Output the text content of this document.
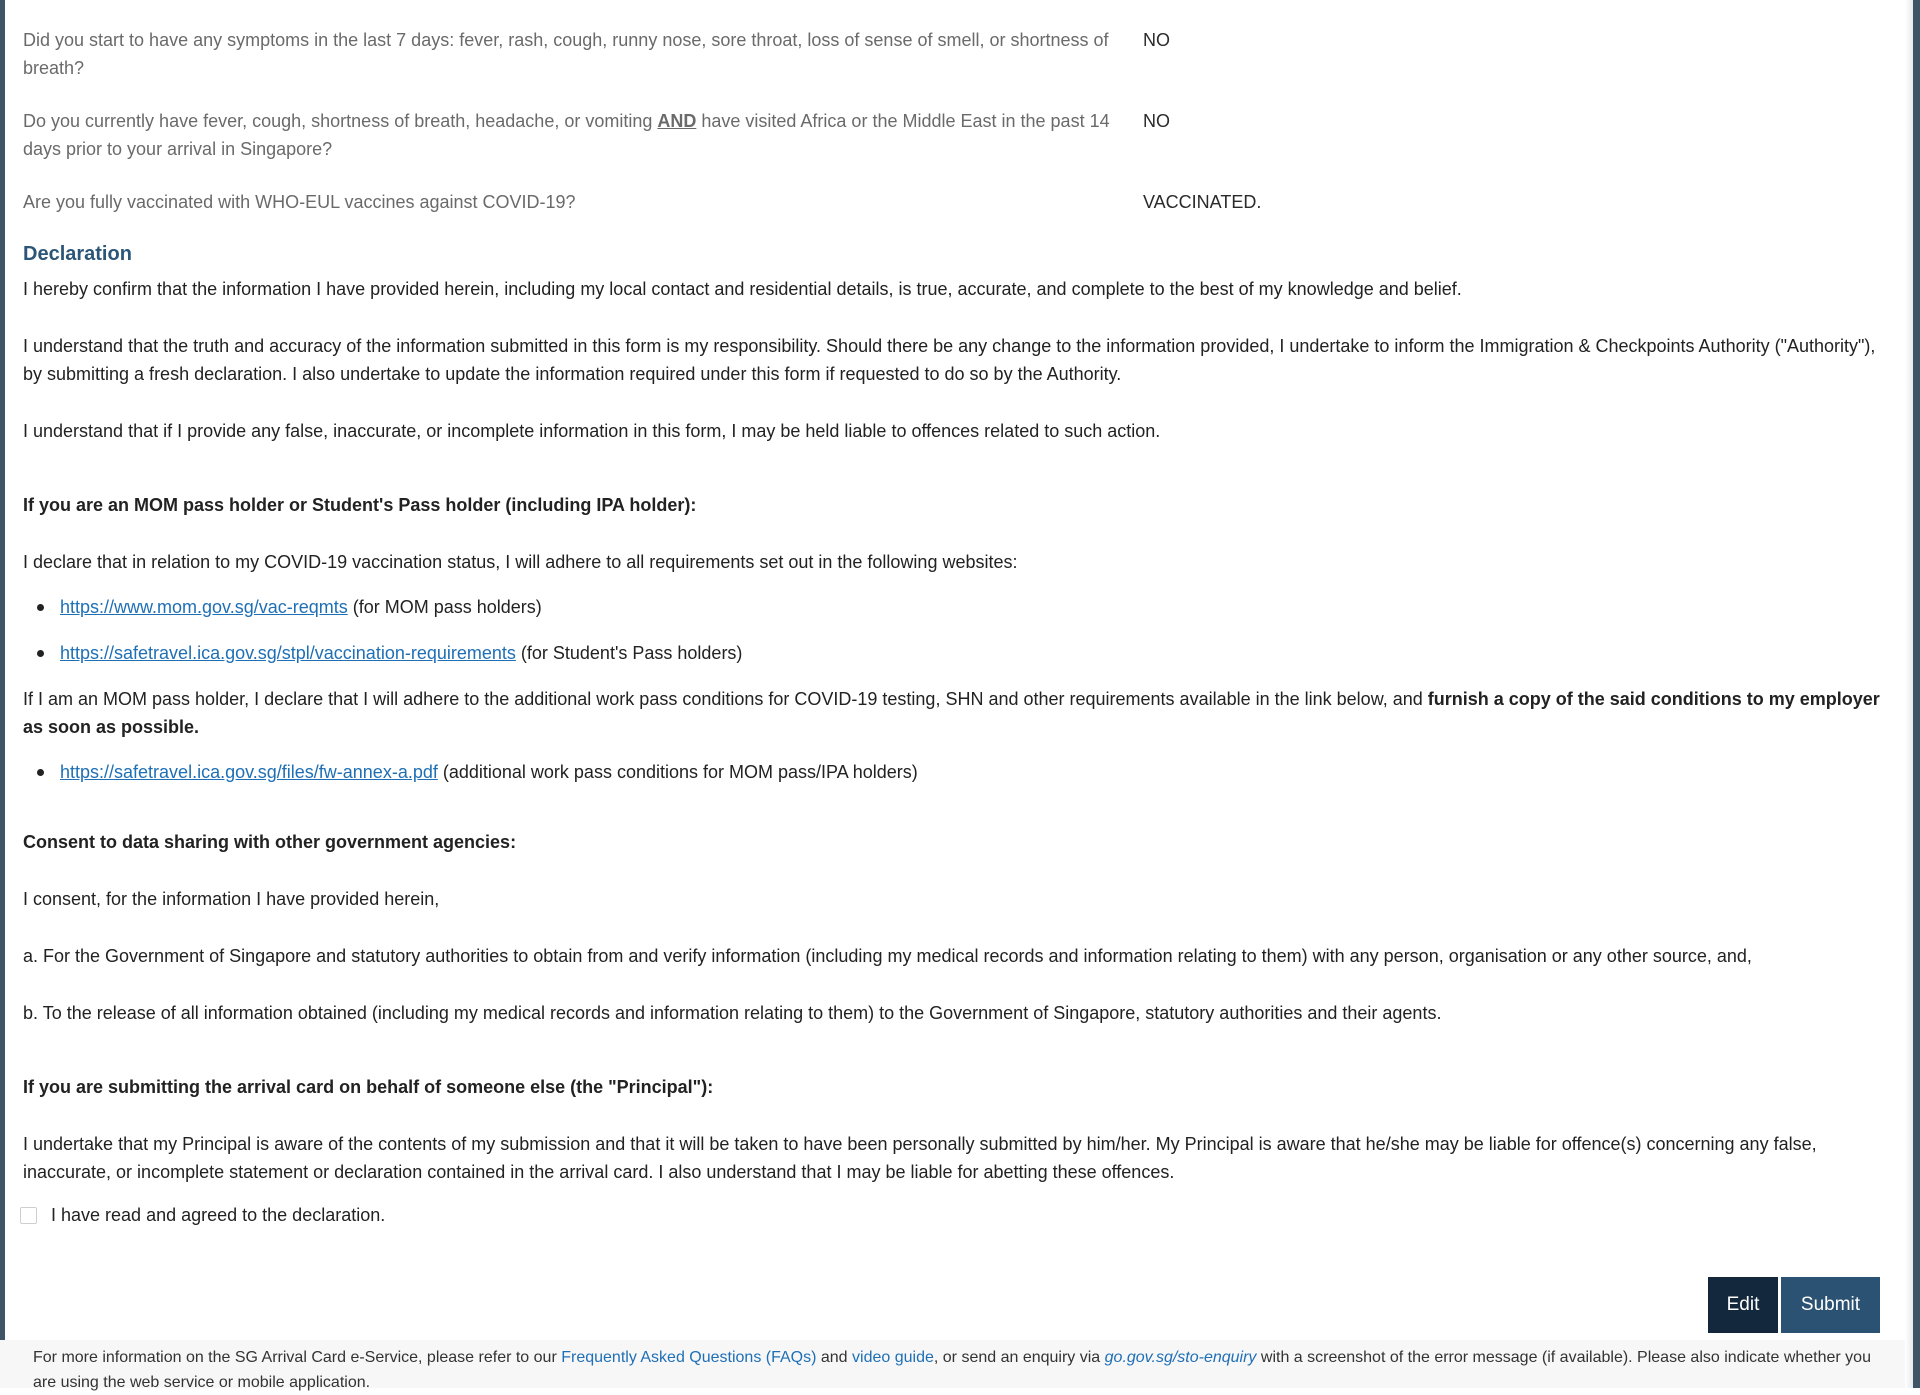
Did you start to have any symptoms in the last 7 days: fever, rash, cough, runny nose, sore throat, loss of sense of smell, or shortness of breath?
NO
Do you currently have fever, cough, shortness of breath, headache, or vomiting AND have visited Africa or the Middle East in the past 14 days prior to your arrival in Singapore?
NO
Are you fully vaccinated with WHO-EUL vaccines against COVID-19?	VACCINATED.
Declaration

I hereby confirm that the information I have provided herein, including my local contact and residential details, is true, accurate, and complete to the best of my knowledge and belief.

I understand that the truth and accuracy of the information submitted in this form is my responsibility. Should there be any change to the information provided, I undertake to inform the Immigration & Checkpoints Authority ("Authority"), by submitting a fresh declaration. I also undertake to update the information required under this form if requested to do so by the Authority.

I understand that if I provide any false, inaccurate, or incomplete information in this form, I may be held liable to offences related to such action.

If you are an MOM pass holder or Student's Pass holder (including IPA holder):

I declare that in relation to my COVID-19 vaccination status, I will adhere to all requirements set out in the following websites:

https://www.mom.gov.sg/vac-reqmts (for MOM pass holders)
https://safetravel.ica.gov.sg/stpl/vaccination-requirements (for Student's Pass holders)

If I am an MOM pass holder, I declare that I will adhere to the additional work pass conditions for COVID-19 testing, SHN and other requirements available in the link below, and furnish a copy of the said conditions to my employer as soon as possible.

https://safetravel.ica.gov.sg/files/fw-annex-a.pdf (additional work pass conditions for MOM pass/IPA holders)

Consent to data sharing with other government agencies:

I consent, for the information I have provided herein,

a. For the Government of Singapore and statutory authorities to obtain from and verify information (including my medical records and information relating to them) with any person, organisation or any other source, and,

b. To the release of all information obtained (including my medical records and information relating to them) to the Government of Singapore, statutory authorities and their agents.

If you are submitting the arrival card on behalf of someone else (the "Principal"):

I undertake that my Principal is aware of the contents of my submission and that it will be taken to have been personally submitted by him/her. My Principal is aware that he/she may be liable for offence(s) concerning any false, inaccurate, or incomplete statement or declaration contained in the arrival card. I also understand that I may be liable for abetting these offences.

I have read and agreed to the declaration.
Edit	Submit
For more information on the SG Arrival Card e-Service, please refer to our Frequently Asked Questions (FAQs) and video guide, or send an enquiry via go.gov.sg/sto-enquiry with a screenshot of the error message (if available). Please also indicate whether you are using the web service or mobile application.
